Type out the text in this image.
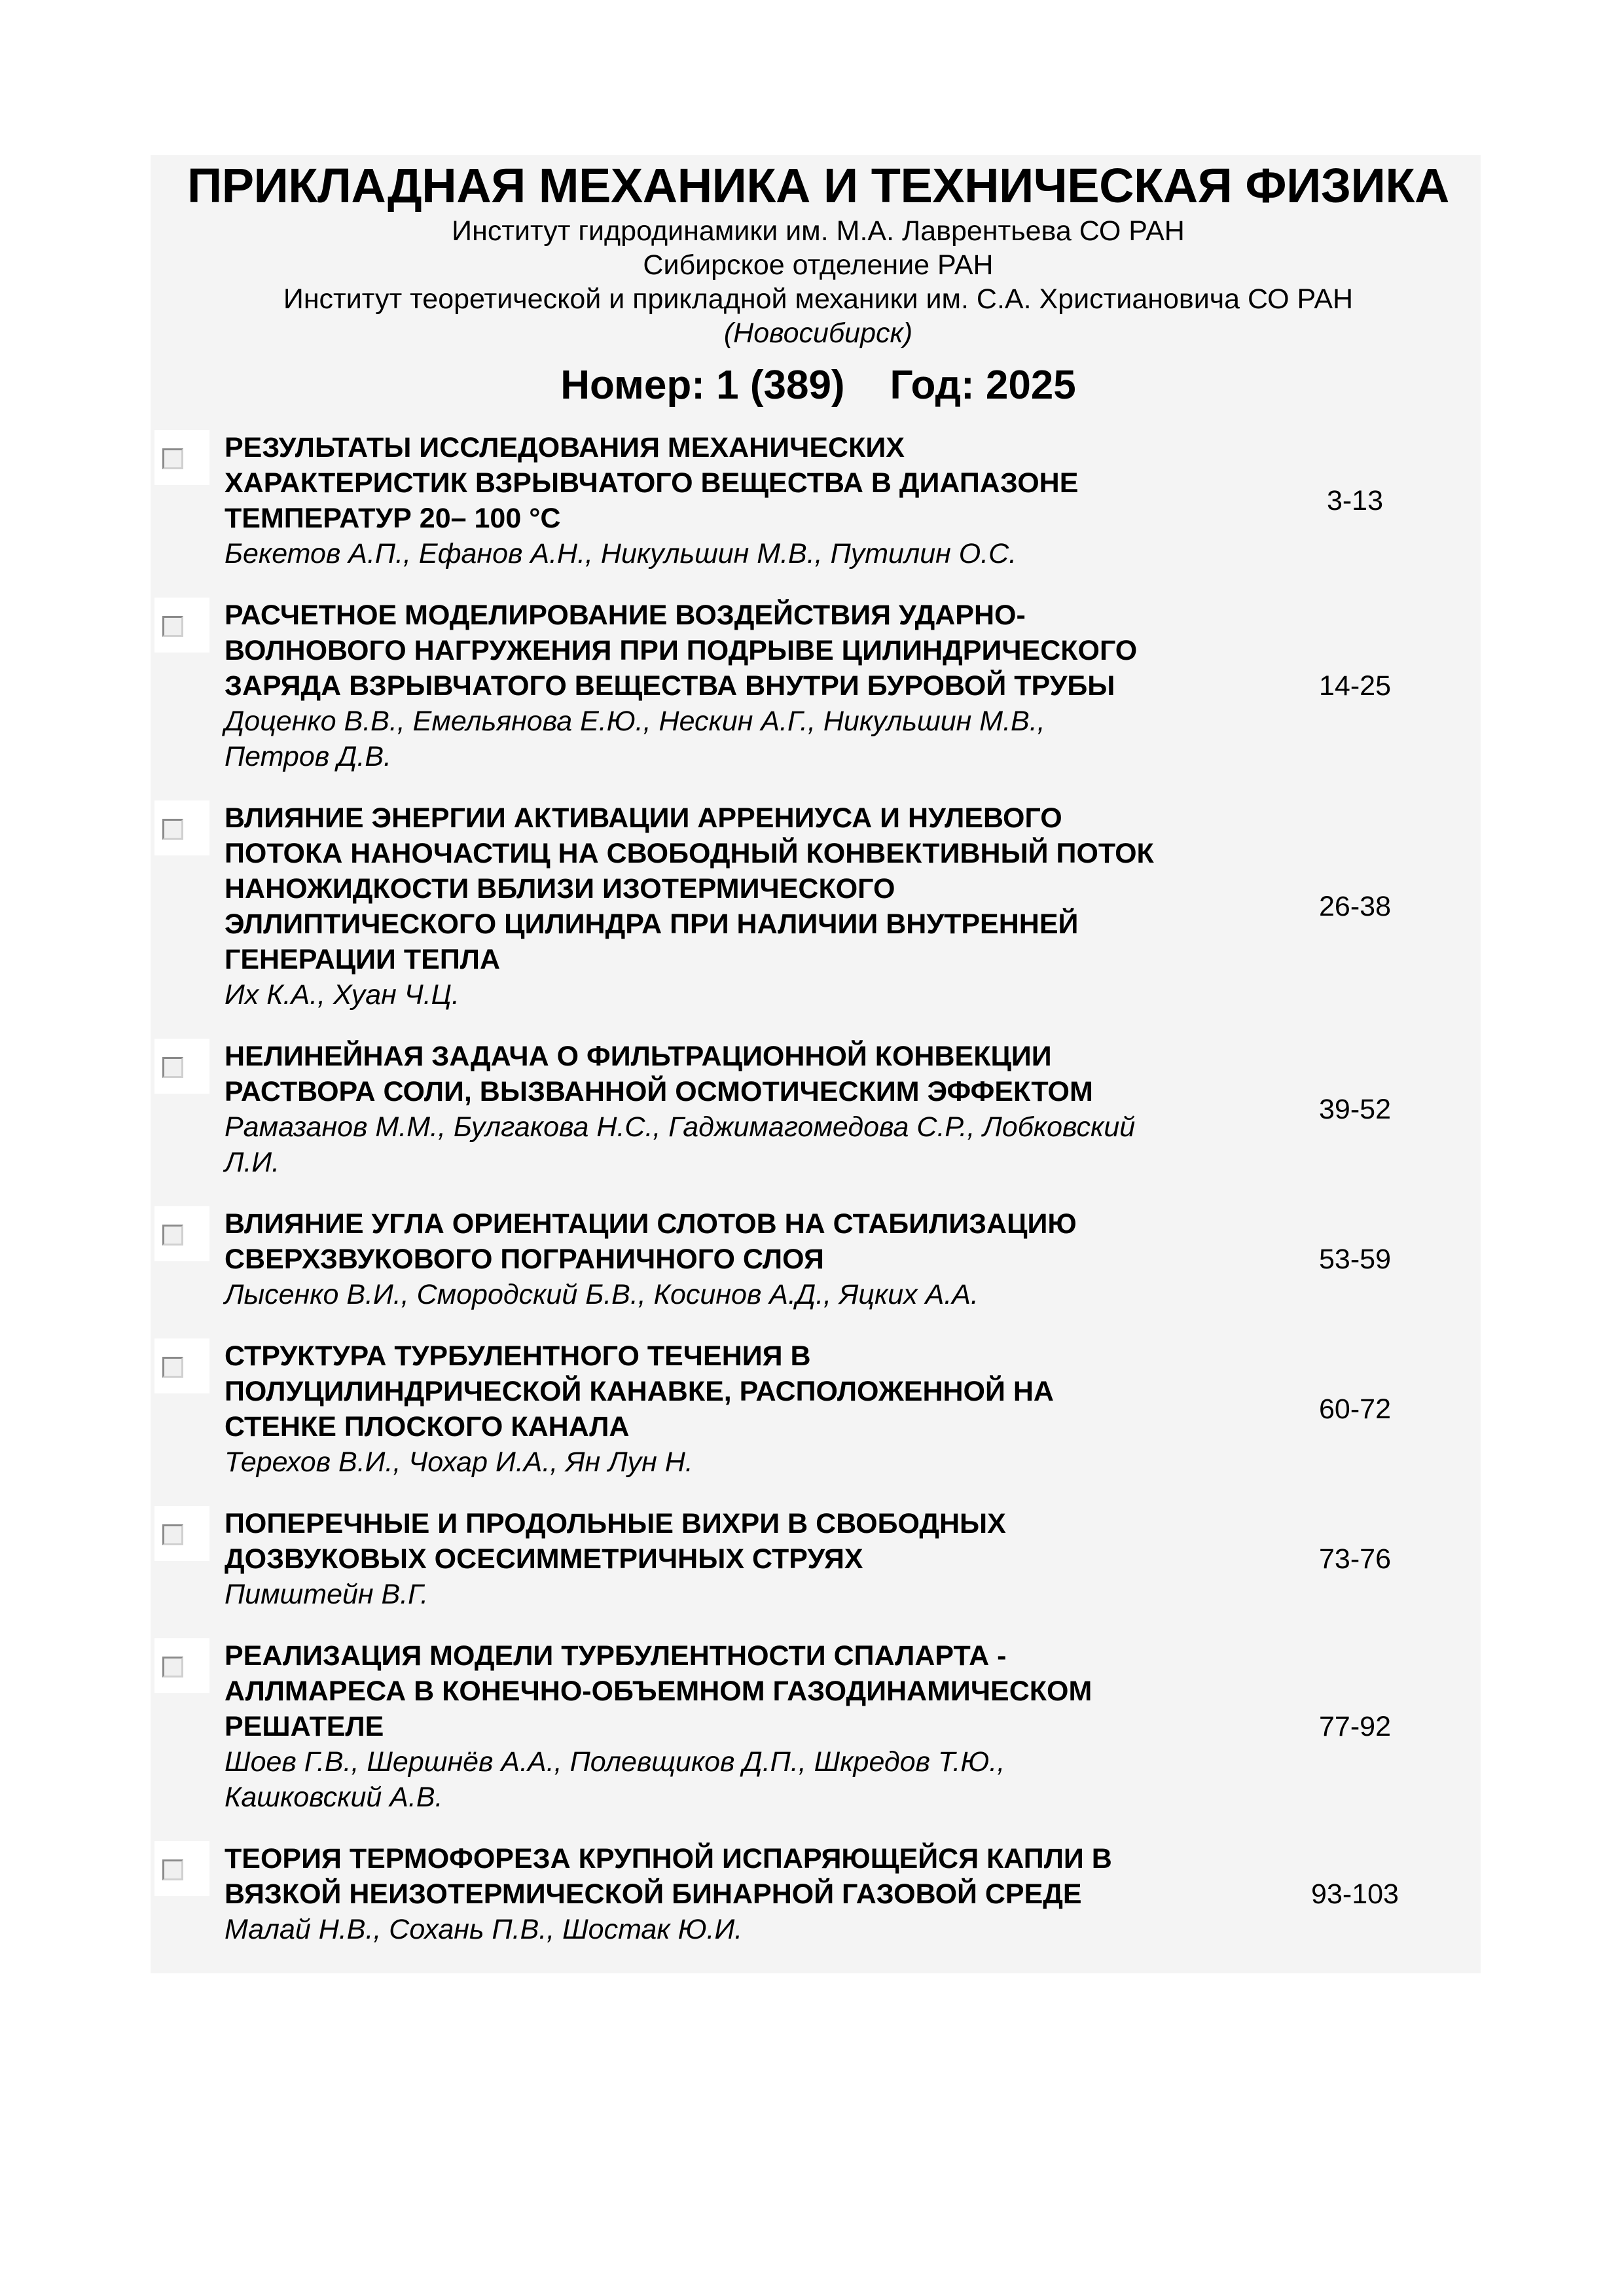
ПРИКЛАДНАЯ МЕХАНИКА И ТЕХНИЧЕСКАЯ ФИЗИКА
Институт гидродинамики им. М.А. Лаврентьева СО РАН
Сибирское отделение РАН
Институт теоретической и прикладной механики им. С.А. Христиановича СО РАН
(Новосибирск)
Номер: 1 (389) Год: 2025
РЕЗУЛЬТАТЫ ИССЛЕДОВАНИЯ МЕХАНИЧЕСКИХ
ХАРАКТЕРИСТИК ВЗРЫВЧАТОГО ВЕЩЕСТВА В ДИАПАЗОНЕ
ТЕМПЕРАТУР 20– 100 °С
Бекетов А.П., Ефанов А.Н., Никульшин М.В., Путилин О.С.
3-13
РАСЧЕТНОЕ МОДЕЛИРОВАНИЕ ВОЗДЕЙСТВИЯ УДАРНО-
ВОЛНОВОГО НАГРУЖЕНИЯ ПРИ ПОДРЫВЕ ЦИЛИНДРИЧЕСКОГО
ЗАРЯДА ВЗРЫВЧАТОГО ВЕЩЕСТВА ВНУТРИ БУРОВОЙ ТРУБЫ
Доценко В.В., Емельянова Е.Ю., Нескин А.Г., Никульшин М.В.,
Петров Д.В.
14-25
ВЛИЯНИЕ ЭНЕРГИИ АКТИВАЦИИ АРРЕНИУСА И НУЛЕВОГО
ПОТОКА НАНОЧАСТИЦ НА СВОБОДНЫЙ КОНВЕКТИВНЫЙ ПОТОК
НАНОЖИДКОСТИ ВБЛИЗИ ИЗОТЕРМИЧЕСКОГО
ЭЛЛИПТИЧЕСКОГО ЦИЛИНДРА ПРИ НАЛИЧИИ ВНУТРЕННЕЙ
ГЕНЕРАЦИИ ТЕПЛА
Их К.А., Хуан Ч.Ц.
26-38
НЕЛИНЕЙНАЯ ЗАДАЧА О ФИЛЬТРАЦИОННОЙ КОНВЕКЦИИ
РАСТВОРА СОЛИ, ВЫЗВАННОЙ ОСМОТИЧЕСКИМ ЭФФЕКТОМ
Рамазанов М.М., Булгакова Н.С., Гаджимагомедова С.Р., Лобковский
Л.И.
39-52
ВЛИЯНИЕ УГЛА ОРИЕНТАЦИИ СЛОТОВ НА СТАБИЛИЗАЦИЮ
СВЕРХЗВУКОВОГО ПОГРАНИЧНОГО СЛОЯ
Лысенко В.И., Смородский Б.В., Косинов А.Д., Яцких А.А.
53-59
СТРУКТУРА ТУРБУЛЕНТНОГО ТЕЧЕНИЯ В
ПОЛУЦИЛИНДРИЧЕСКОЙ КАНАВКЕ, РАСПОЛОЖЕННОЙ НА
СТЕНКЕ ПЛОСКОГО КАНАЛА
Терехов В.И., Чохар И.А., Ян Лун Н.
60-72
ПОПЕРЕЧНЫЕ И ПРОДОЛЬНЫЕ ВИХРИ В СВОБОДНЫХ
ДОЗВУКОВЫХ ОСЕСИММЕТРИЧНЫХ СТРУЯХ
Пимштейн В.Г.
73-76
РЕАЛИЗАЦИЯ МОДЕЛИ ТУРБУЛЕНТНОСТИ СПАЛАРТА -
АЛЛМАРЕСА В КОНЕЧНО-ОБЪЕМНОМ ГАЗОДИНАМИЧЕСКОМ
РЕШАТЕЛЕ
Шоев Г.В., Шершнёв А.А., Полевщиков Д.П., Шкредов Т.Ю.,
Кашковский А.В.
77-92
ТЕОРИЯ ТЕРМОФОРЕЗА КРУПНОЙ ИСПАРЯЮЩЕЙСЯ КАПЛИ В
ВЯЗКОЙ НЕИЗОТЕРМИЧЕСКОЙ БИНАРНОЙ ГАЗОВОЙ СРЕДЕ
Малай Н.В., Сохань П.В., Шостак Ю.И.
93-103
